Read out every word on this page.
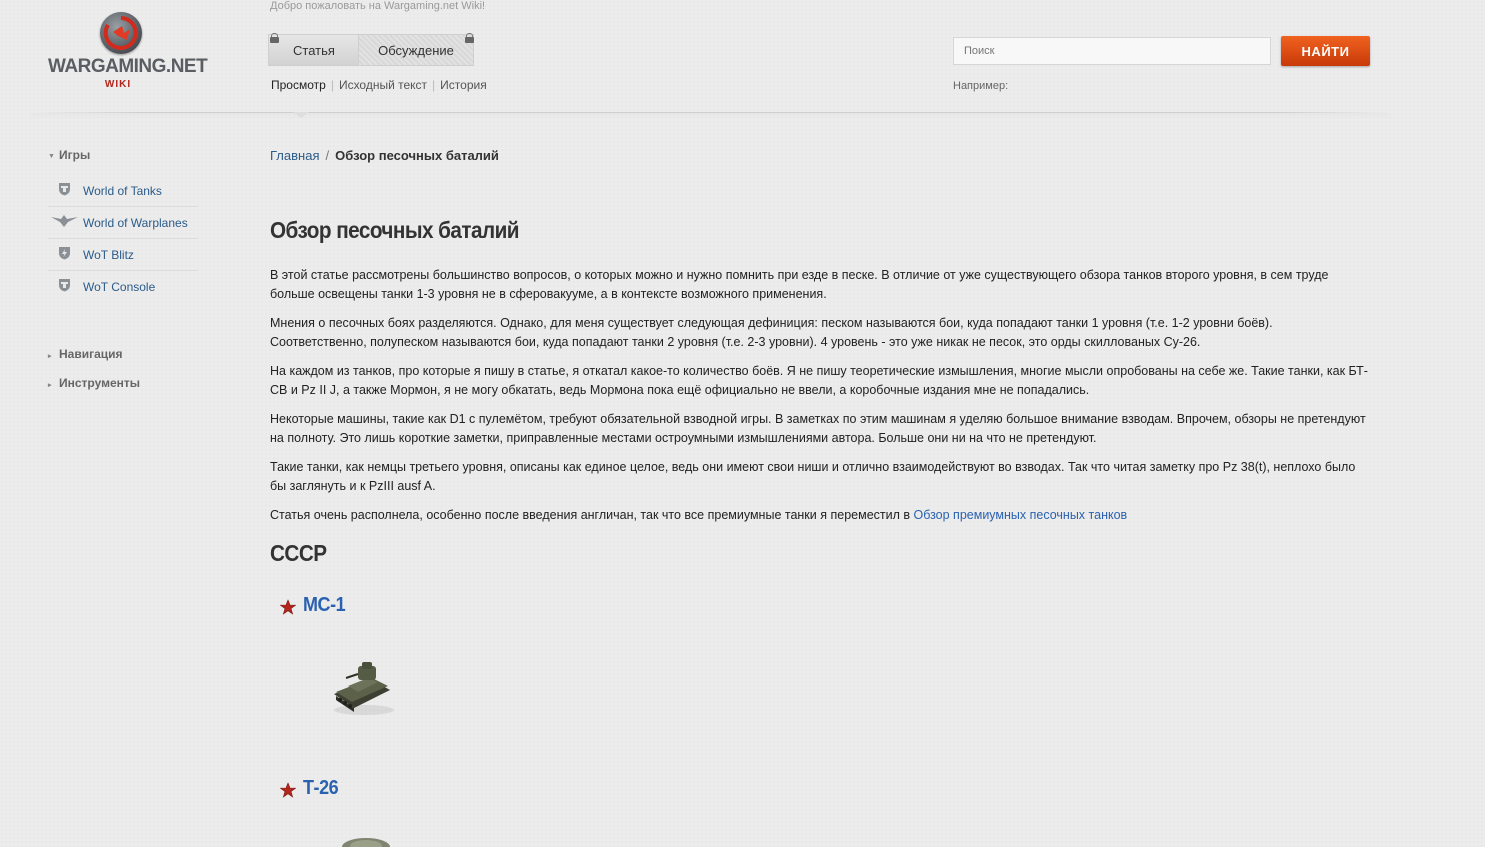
WARGAMING.NET
WIKI
Добро пожаловать на Wargaming.net Wiki!
Статья	Обсуждение
Просмотр | Исходный текст | История
Поиск
НАЙТИ
Например:
▼ Игры
World of Tanks
World of Warplanes
WoT Blitz
WoT Console
▸ Навигация
▸ Инструменты
Главная / Обзор песочных баталий
Обзор песочных баталий

В этой статье рассмотрены большинство вопросов, о которых можно и нужно помнить при езде в песке. В отличие от уже существующего обзора танков второго уровня, в сем труде больше освещены танки 1-3 уровня не в сферовакууме, а в контексте возможного применения.

Мнения о песочных боях разделяются. Однако, для меня существует следующая дефиниция: песком называются бои, куда попадают танки 1 уровня (т.е. 1-2 уровни боёв). Соответственно, полупеском называются бои, куда попадают танки 2 уровня (т.е. 2-3 уровни). 4 уровень - это уже никак не песок, это орды скиллованых Су-26.

На каждом из танков, про которые я пишу в статье, я откатал какое-то количество боёв. Я не пишу теоретические измышления, многие мысли опробованы на себе же. Такие танки, как БТ-СВ и Pz II J, а также Мормон, я не могу обкатать, ведь Мормона пока ещё официально не ввели, а коробочные издания мне не попадались.

Некоторые машины, такие как D1 с пулемётом, требуют обязательной взводной игры. В заметках по этим машинам я уделяю большое внимание взводам. Впрочем, обзоры не претендуют на полноту. Это лишь короткие заметки, приправленные местами остроумными измышлениями автора. Больше они ни на что не претендуют.

Такие танки, как немцы третьего уровня, описаны как единое целое, ведь они имеют свои ниши и отлично взаимодействуют во взводах. Так что читая заметку про Pz 38(t), неплохо было бы заглянуть и к PzIII ausf A.

Статья очень располнела, особенно после введения англичан, так что все премиумные танки я переместил в Обзор премиумных песочных танков

СССР
МС-1
Т-26
